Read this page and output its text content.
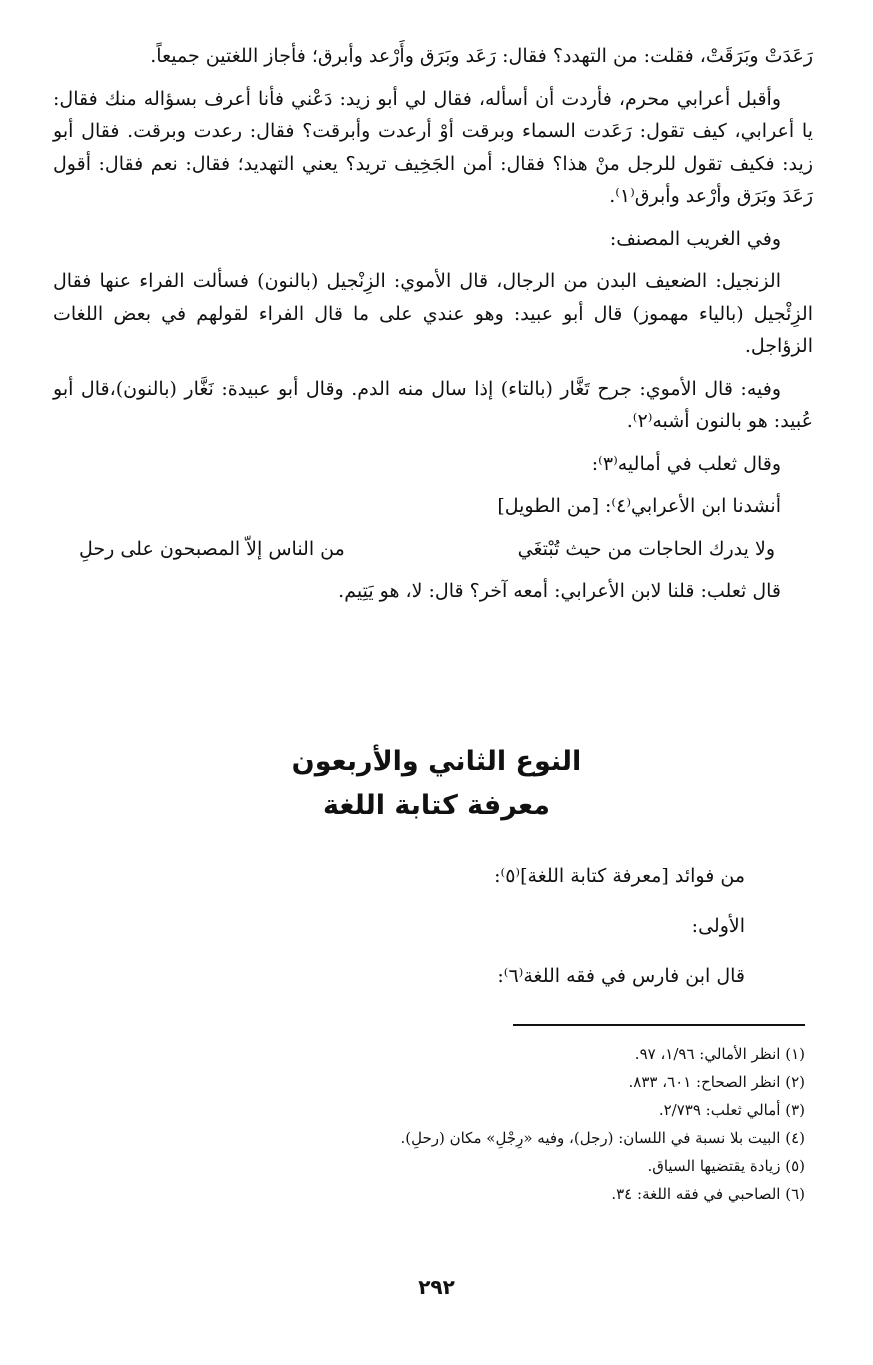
رَعَدَتْ وبَرَقَتْ، فقلت: من التهدد؟ فقال: رَعَد وبَرَق وأَرْعد وأبرق؛ فأجاز اللغتين جميعاً.

وأقبل أعرابي محرم، فأردت أن أسأله، فقال لي أبو زيد: دَعْني فأنا أعرف بسؤاله منك فقال: يا أعرابي، كيف تقول: رَعَدت السماء وبرقت أوْ أرعدت وأبرقت؟ فقال: رعدت وبرقت. فقال أبو زيد: فكيف تقول للرجل منْ هذا؟ فقال: أمن الجَخِيف تريد؟ يعني التهديد؛ فقال: نعم فقال: أقول رَعَدَ وبَرَق وأرْعد وأبرق⁽١⁾.

وفي الغريب المصنف:

الزنجيل: الضعيف البدن من الرجال، قال الأموي: الزِنْجيل (بالنون) فسألت الفراء عنها فقال الزِئْجيل (بالياء مهموز) قال أبو عبيد: وهو عندي على ما قال الفراء لقولهم في بعض اللغات الزؤاجل.

وفيه: قال الأموي: جرح تَغَّار (بالتاء) إذا سال منه الدم. وقال أبو عبيدة: نَغَّار (بالنون)،قال أبو عُبيد: هو بالنون أشبه⁽٢⁾.

وقال ثعلب في أماليه⁽٣⁾:

أنشدنا ابن الأعرابي⁽٤⁾: [من الطويل]

ولا يدرك الحاجات من حيث تُبْتغَي
من الناس إلاّ المصبحون على رحلِ

قال ثعلب: قلنا لابن الأعرابي: أمعه آخر؟ قال: لا، هو يَتِيم.

النوع الثاني والأربعون
معرفة كتابة اللغة

من فوائد [معرفة كتابة اللغة]⁽٥⁾:

الأولى:

قال ابن فارس في فقه اللغة⁽٦⁾:

(١) انظر الأمالي: ١/٩٦، ٩٧.
(٢) انظر الصحاح: ٦٠١، ٨٣٣.
(٣) أمالي ثعلب: ٢/٧٣٩.
(٤) البيت بلا نسبة في اللسان: (رجل)، وفيه «رِجْلِ» مكان (رحلِ).
(٥) زيادة يقتضيها السياق.
(٦) الصاحبي في فقه اللغة: ٣٤.
٢٩٢
